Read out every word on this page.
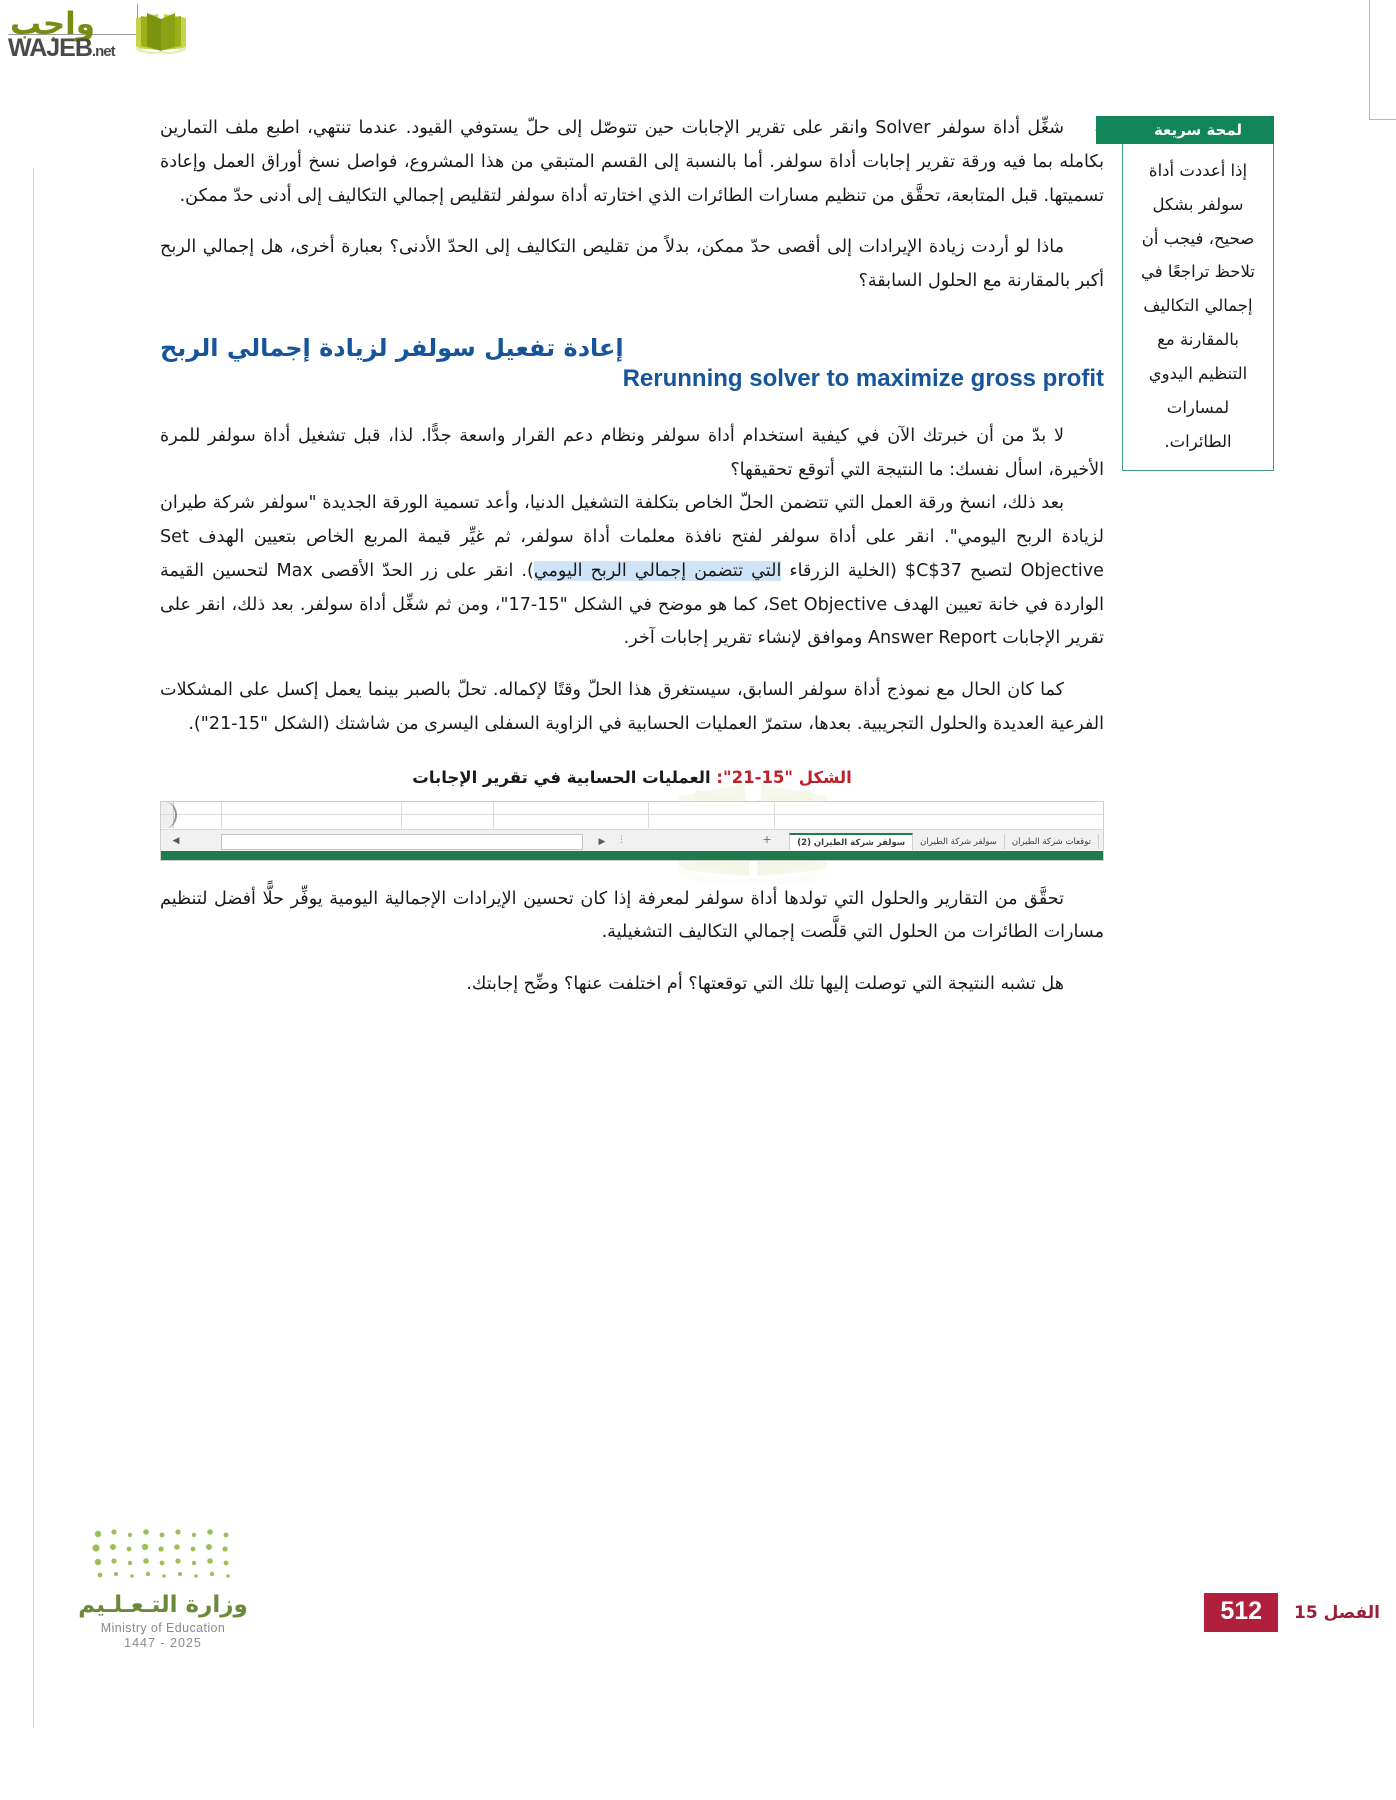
واجب
WAJEB.net
لمحة سريعة

إذا أعددت أداة سولفر بشكل صحيح، فيجب أن تلاحظ تراجعًا في إجمالي التكاليف بالمقارنة مع التنظيم اليدوي لمسارات الطائرات.

شغِّل أداة سولفر Solver وانقر على تقرير الإجابات حين تتوصّل إلى حلّ يستوفي القيود. عندما تنتهي، اطبع ملف التمارين بكامله بما فيه ورقة تقرير إجابات أداة سولفر. أما بالنسبة إلى القسم المتبقي من هذا المشروع، فواصل نسخ أوراق العمل وإعادة تسميتها. قبل المتابعة، تحقَّق من تنظيم مسارات الطائرات الذي اختارته أداة سولفر لتقليص إجمالي التكاليف إلى أدنى حدّ ممكن.

ماذا لو أردت زيادة الإيرادات إلى أقصى حدّ ممكن، بدلاً من تقليص التكاليف إلى الحدّ الأدنى؟ بعبارة أخرى، هل إجمالي الربح أكبر بالمقارنة مع الحلول السابقة؟

إعادة تفعيل سولفر لزيادة إجمالي الربح
Rerunning solver to maximize gross profit

لا بدّ من أن خبرتك الآن في كيفية استخدام أداة سولفر ونظام دعم القرار واسعة جدًّا. لذا، قبل تشغيل أداة سولفر للمرة الأخيرة، اسأل نفسك: ما النتيجة التي أتوقع تحقيقها؟

بعد ذلك، انسخ ورقة العمل التي تتضمن الحلّ الخاص بتكلفة التشغيل الدنيا، وأعد تسمية الورقة الجديدة "سولفر شركة طيران لزيادة الربح اليومي". انقر على أداة سولفر لفتح نافذة معلمات أداة سولفر، ثم غيِّر قيمة المربع الخاص بتعيين الهدف Set Objective لتصبح ‎$C$37‎ (الخلية الزرقاء التي تتضمن إجمالي الربح اليومي). انقر على زر الحدّ الأقصى Max لتحسين القيمة الواردة في خانة تعيين الهدف Set Objective، كما هو موضح في الشكل "15-17"، ومن ثم شغِّل أداة سولفر. بعد ذلك، انقر على تقرير الإجابات Answer Report وموافق لإنشاء تقرير إجابات آخر.

كما كان الحال مع نموذج أداة سولفر السابق، سيستغرق هذا الحلّ وقتًا لإكماله. تحلّ بالصبر بينما يعمل إكسل على المشكلات الفرعية العديدة والحلول التجريبية. بعدها، ستمرّ العمليات الحسابية في الزاوية السفلى اليسرى من شاشتك (الشكل "15-21").

الشكل "15-21": العمليات الحسابية في تقرير الإجابات
◀	▶	⋮	+	توقعات شركة الطيران
سولفر شركة الطيران
سولفر شركة الطيران (2)

تحقَّق من التقارير والحلول التي تولدها أداة سولفر لمعرفة إذا كان تحسين الإيرادات الإجمالية اليومية يوفِّر حلًّا أفضل لتنظيم مسارات الطائرات من الحلول التي قلَّصت إجمالي التكاليف التشغيلية.

هل تشبه النتيجة التي توصلت إليها تلك التي توقعتها؟ أم اختلفت عنها؟ وضِّح إجابتك.

وزارة التـعـلـيم
Ministry of Education
2025 - 1447
الفصل 15
512
